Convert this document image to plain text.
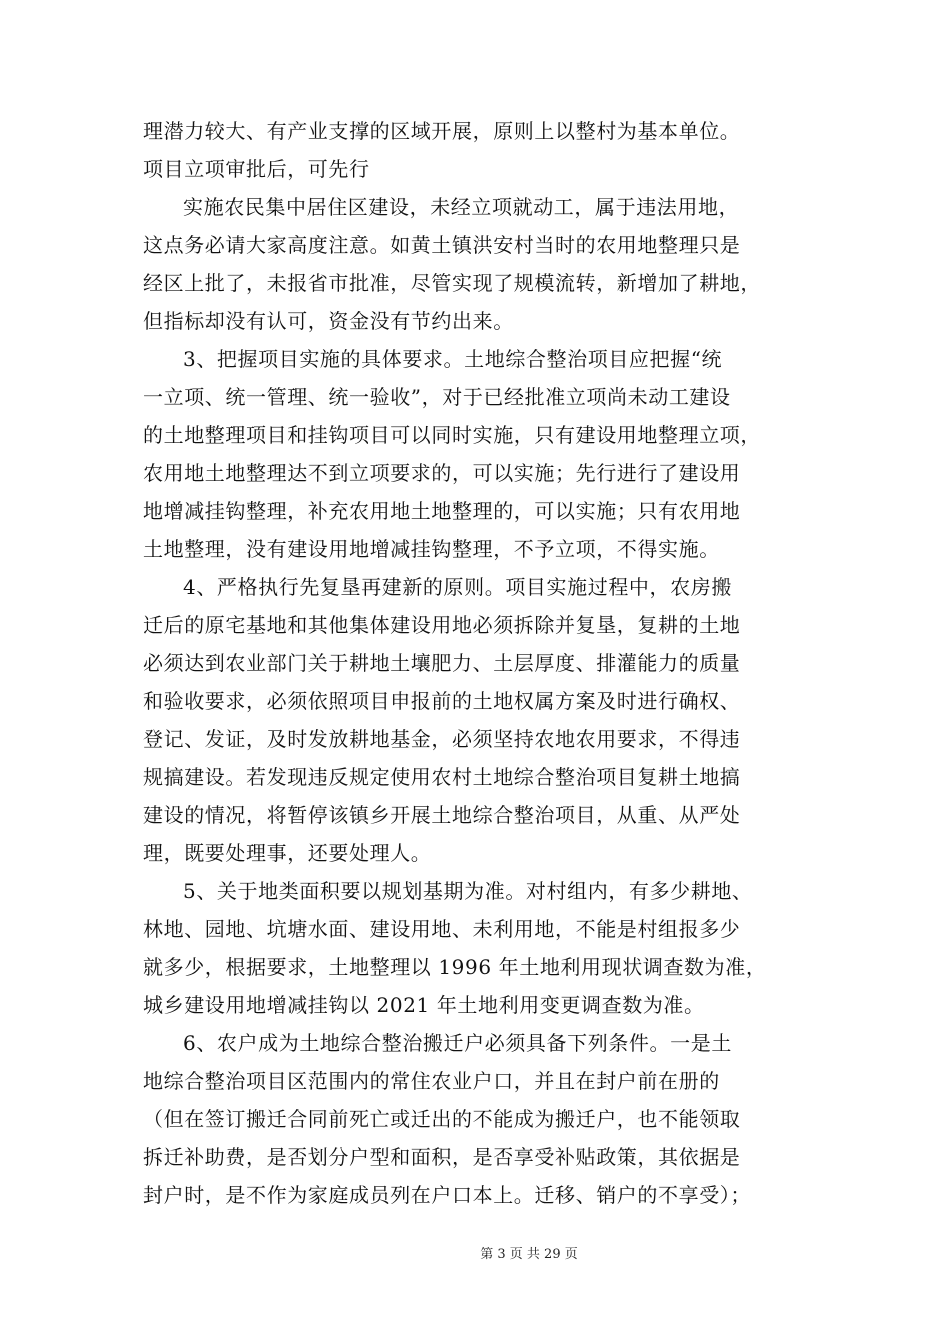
理潜力较大、有产业支撑的区域开展，原则上以整村为基本单位。
项目立项审批后，可先行
实施农民集中居住区建设，未经立项就动工，属于违法用地，
这点务必请大家高度注意。如黄土镇洪安村当时的农用地整理只是
经区上批了，未报省市批准，尽管实现了规模流转，新增加了耕地，
但指标却没有认可，资金没有节约出来。
3、把握项目实施的具体要求。土地综合整治项目应把握“统
一立项、统一管理、统一验收”，对于已经批准立项尚未动工建设
的土地整理项目和挂钩项目可以同时实施，只有建设用地整理立项，
农用地土地整理达不到立项要求的，可以实施；先行进行了建设用
地增减挂钩整理，补充农用地土地整理的，可以实施；只有农用地
土地整理，没有建设用地增减挂钩整理，不予立项，不得实施。
4、严格执行先复垦再建新的原则。项目实施过程中，农房搬
迁后的原宅基地和其他集体建设用地必须拆除并复垦，复耕的土地
必须达到农业部门关于耕地土壤肥力、土层厚度、排灌能力的质量
和验收要求，必须依照项目申报前的土地权属方案及时进行确权、
登记、发证，及时发放耕地基金，必须坚持农地农用要求，不得违
规搞建设。若发现违反规定使用农村土地综合整治项目复耕土地搞
建设的情况，将暂停该镇乡开展土地综合整治项目，从重、从严处
理，既要处理事，还要处理人。
5、关于地类面积要以规划基期为准。对村组内，有多少耕地、
林地、园地、坑塘水面、建设用地、未利用地，不能是村组报多少
就多少，根据要求，土地整理以 1996 年土地利用现状调查数为准，
城乡建设用地增减挂钩以 2021 年土地利用变更调查数为准。
6、农户成为土地综合整治搬迁户必须具备下列条件。一是土
地综合整治项目区范围内的常住农业户口，并且在封户前在册的
（但在签订搬迁合同前死亡或迁出的不能成为搬迁户，也不能领取
拆迁补助费，是否划分户型和面积，是否享受补贴政策，其依据是
封户时，是不作为家庭成员列在户口本上。迁移、销户的不享受）；
第 3 页 共 29 页
